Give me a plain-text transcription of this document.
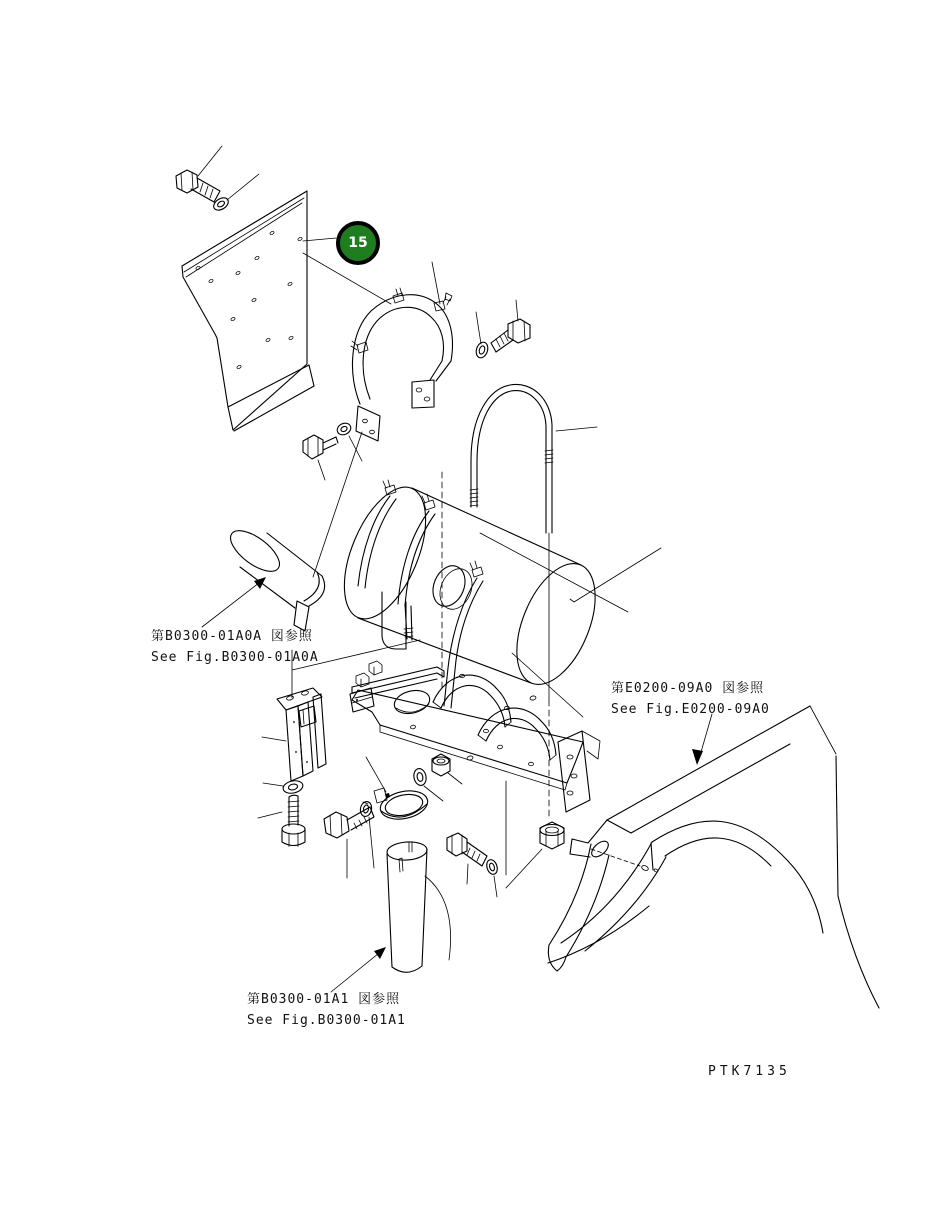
15
第B0300-01A0A 図参照
See Fig.B0300-01A0A
第E0200-09A0 図参照
See Fig.E0200-09A0
第B0300-01A1 図参照
See Fig.B0300-01A1
PTK7135
